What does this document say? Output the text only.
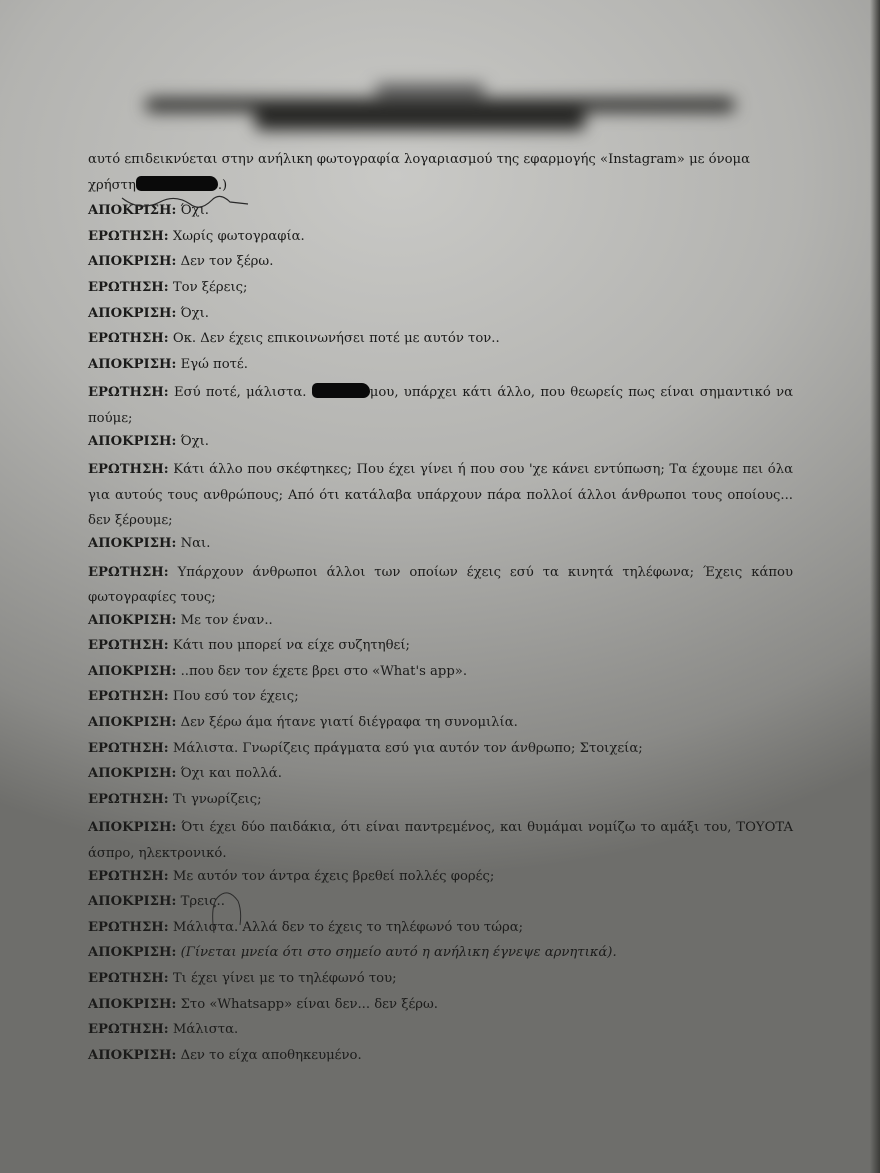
αυτό επιδεικνύεται στην ανήλικη φωτογραφία λογαριασμού της εφαρμογής «Instagram» με όνομα
χρήστη	.)
ΑΠΟΚΡΙΣΗ: Όχι.
ΕΡΩΤΗΣΗ: Χωρίς φωτογραφία.
ΑΠΟΚΡΙΣΗ: Δεν τον ξέρω.
ΕΡΩΤΗΣΗ: Τον ξέρεις;
ΑΠΟΚΡΙΣΗ: Όχι.
ΕΡΩΤΗΣΗ: Οκ. Δεν έχεις επικοινωνήσει ποτέ με αυτόν τον..
ΑΠΟΚΡΙΣΗ: Εγώ ποτέ.
ΕΡΩΤΗΣΗ: Εσύ ποτέ, μάλιστα.	μου, υπάρχει κάτι άλλο, που θεωρείς πως είναι σημαντικό να πούμε;
ΑΠΟΚΡΙΣΗ: Όχι.
ΕΡΩΤΗΣΗ: Κάτι άλλο που σκέφτηκες; Που έχει γίνει ή που σου 'χε κάνει εντύπωση; Τα έχουμε πει όλα για αυτούς τους ανθρώπους; Από ότι κατάλαβα υπάρχουν πάρα πολλοί άλλοι άνθρωποι τους οποίους... δεν ξέρουμε;
ΑΠΟΚΡΙΣΗ: Ναι.
ΕΡΩΤΗΣΗ: Υπάρχουν άνθρωποι άλλοι των οποίων έχεις εσύ τα κινητά τηλέφωνα; Έχεις κάπου φωτογραφίες τους;
ΑΠΟΚΡΙΣΗ: Με τον έναν..
ΕΡΩΤΗΣΗ: Κάτι που μπορεί να είχε συζητηθεί;
ΑΠΟΚΡΙΣΗ: ..που δεν τον έχετε βρει στο «What's app».
ΕΡΩΤΗΣΗ: Που εσύ τον έχεις;
ΑΠΟΚΡΙΣΗ: Δεν ξέρω άμα ήτανε γιατί διέγραφα τη συνομιλία.
ΕΡΩΤΗΣΗ: Μάλιστα. Γνωρίζεις πράγματα εσύ για αυτόν τον άνθρωπο; Στοιχεία;
ΑΠΟΚΡΙΣΗ: Όχι και πολλά.
ΕΡΩΤΗΣΗ: Τι γνωρίζεις;
ΑΠΟΚΡΙΣΗ: Ότι έχει δύο παιδάκια, ότι είναι παντρεμένος, και θυμάμαι νομίζω το αμάξι του, TOYOTA άσπρο, ηλεκτρονικό.
ΕΡΩΤΗΣΗ: Με αυτόν τον άντρα έχεις βρεθεί πολλές φορές;
ΑΠΟΚΡΙΣΗ: Τρεις..
ΕΡΩΤΗΣΗ: Μάλιστα. Αλλά δεν το έχεις το τηλέφωνό του τώρα;
ΑΠΟΚΡΙΣΗ: (Γίνεται μνεία ότι στο σημείο αυτό η ανήλικη έγνεψε αρνητικά).
ΕΡΩΤΗΣΗ: Τι έχει γίνει με το τηλέφωνό του;
ΑΠΟΚΡΙΣΗ: Στο «Whatsapp» είναι δεν... δεν ξέρω.
ΕΡΩΤΗΣΗ: Μάλιστα.
ΑΠΟΚΡΙΣΗ: Δεν το είχα αποθηκευμένο.
